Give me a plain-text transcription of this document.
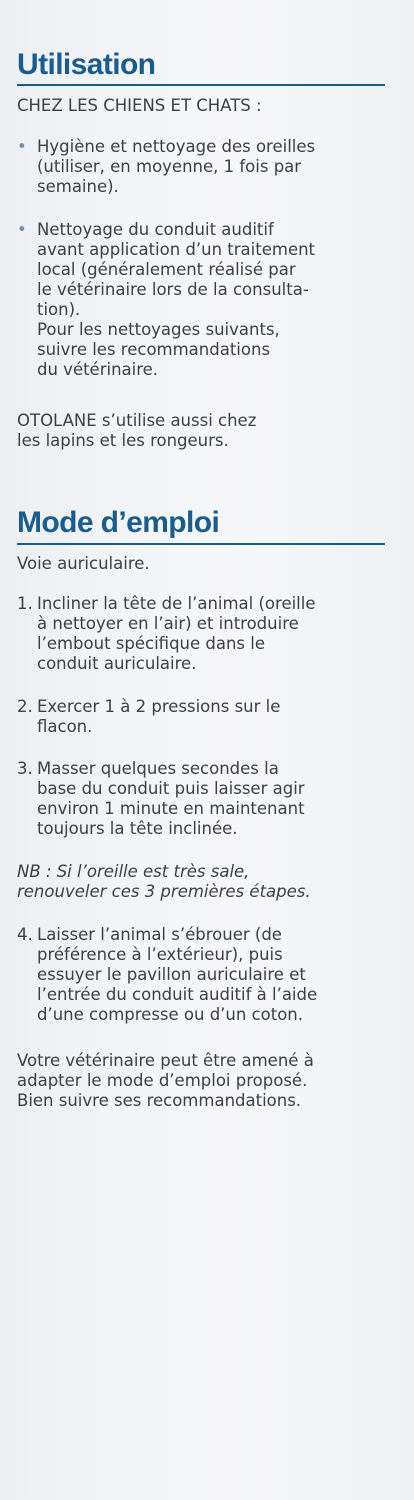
Utilisation

CHEZ LES CHIENS ET CHATS :

• Hygiène et nettoyage des oreilles
(utiliser, en moyenne, 1 fois par
semaine).
• Nettoyage du conduit auditif
avant application d’un traitement
local (généralement réalisé par
le vétérinaire lors de la consulta-
tion).
Pour les nettoyages suivants,
suivre les recommandations
du vétérinaire.

OTOLANE s’utilise aussi chez
les lapins et les rongeurs.

Mode d’emploi

Voie auriculaire.

1. Incliner la tête de l’animal (oreille
à nettoyer en l’air) et introduire
l’embout spécifique dans le
conduit auriculaire.
2. Exercer 1 à 2 pressions sur le
flacon.
3. Masser quelques secondes la
base du conduit puis laisser agir
environ 1 minute en maintenant
toujours la tête inclinée.

NB : Si l’oreille est très sale,
renouveler ces 3 premières étapes.

4. Laisser l’animal s’ébrouer (de
préférence à l’extérieur), puis
essuyer le pavillon auriculaire et
l’entrée du conduit auditif à l’aide
d’une compresse ou d’un coton.

Votre vétérinaire peut être amené à
adapter le mode d’emploi proposé.
Bien suivre ses recommandations.
